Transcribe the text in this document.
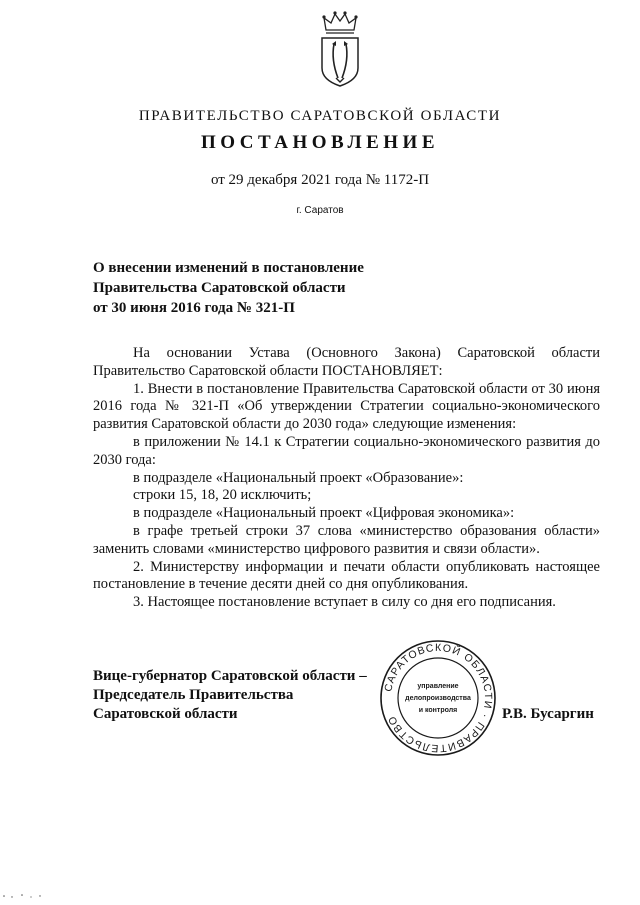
ПРАВИТЕЛЬСТВО САРАТОВСКОЙ ОБЛАСТИ
ПОСТАНОВЛЕНИЕ
от 29 декабря 2021 года № 1172-П
г. Саратов
О внесении изменений в постановление
Правительства Саратовской области
от 30 июня 2016 года № 321-П

На основании Устава (Основного Закона) Саратовской области Правительство Саратовской области ПОСТАНОВЛЯЕТ:

1. Внести в постановление Правительства Саратовской области от 30 июня 2016 года № 321-П «Об утверждении Стратегии социально-экономического развития Саратовской области до 2030 года» следующие изменения:

в приложении № 14.1 к Стратегии социально-экономического развития до 2030 года:

в подразделе «Национальный проект «Образование»:

строки 15, 18, 20 исключить;

в подразделе «Национальный проект «Цифровая экономика»:

в графе третьей строки 37 слова «министерство образования области» заменить словами «министерство цифрового развития и связи области».

2. Министерству информации и печати области опубликовать настоящее постановление в течение десяти дней со дня опубликования.

3. Настоящее постановление вступает в силу со дня его подписания.

Вице-губернатор Саратовской области –
Председатель Правительства
Саратовской области
САРАТОВСКОЙ ОБЛАСТИ · ПРАВИТЕЛЬСТВО
управление
делопроизводства
и контроля	Р.В. Бусаргин
